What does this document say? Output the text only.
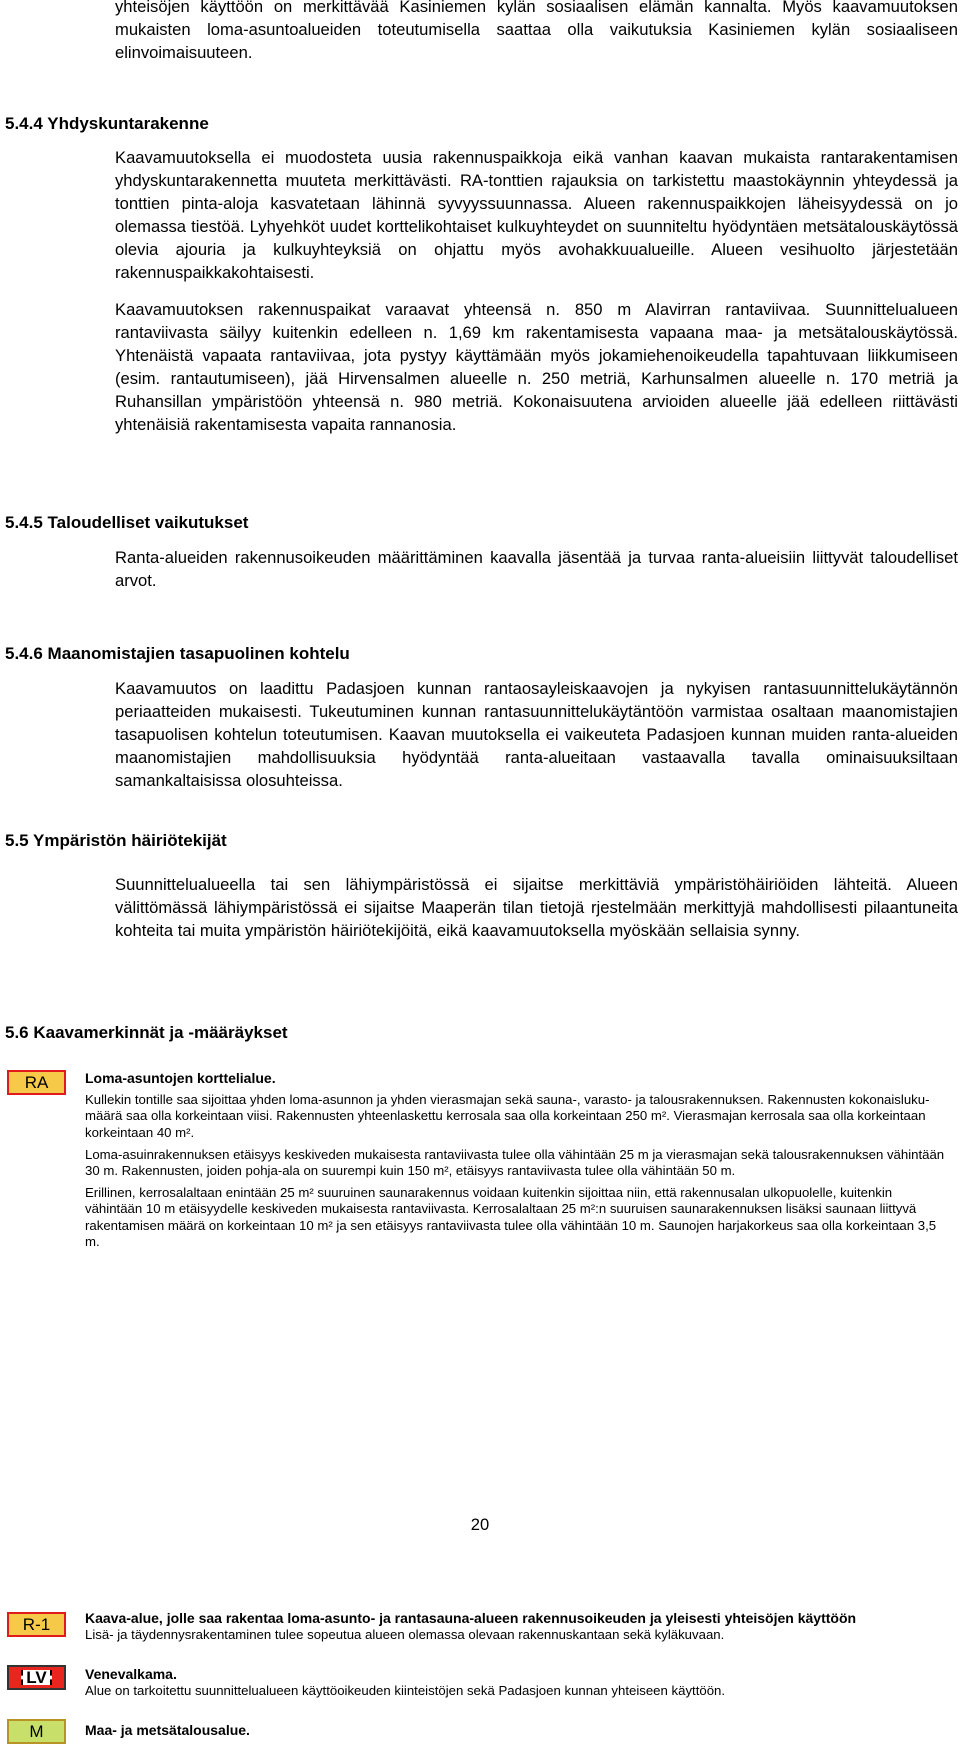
yhteisöjen käyttöön on merkittävää Kasiniemen kylän sosiaalisen elämän kannalta. Myös kaavamuutoksen mukaisten loma-asuntoalueiden toteutumisella saattaa olla vaikutuksia Kasiniemen kylän sosiaaliseen elinvoimaisuuteen.
5.4.4 Yhdyskuntarakenne

Kaavamuutoksella ei muodosteta uusia rakennuspaikkoja eikä vanhan kaavan mukaista rantarakentamisen yhdyskuntarakennetta muuteta merkittävästi. RA-tonttien rajauksia on tarkistettu maastokäynnin yhteydessä ja tonttien pinta-aloja kasvatetaan lähinnä syvyyssuunnassa. Alueen rakennuspaikkojen läheisyydessä on jo olemassa tiestöä. Lyhyehköt uudet korttelikohtaiset kulkuyhteydet on suunniteltu hyödyntäen metsätalouskäytössä olevia ajouria ja kulkuyhteyksiä on ohjattu myös avohakkuualueille. Alueen vesihuolto järjestetään rakennuspaikkakohtaisesti.

Kaavamuutoksen rakennuspaikat varaavat yhteensä n. 850 m Alavirran rantaviivaa. Suunnittelualueen rantaviivasta säilyy kuitenkin edelleen n. 1,69 km rakentamisesta vapaana maa- ja metsätalouskäytössä. Yhtenäistä vapaata rantaviivaa, jota pystyy käyttämään myös jokamiehenoikeudella tapahtuvaan liikkumiseen (esim. rantautumiseen), jää Hirvensalmen alueelle n. 250 metriä, Karhunsalmen alueelle n. 170 metriä ja Ruhansillan ympäristöön yhteensä n. 980 metriä. Kokonaisuutena arvioiden alueelle jää edelleen riittävästi yhtenäisiä rakentamisesta vapaita rannanosia.

5.4.5 Taloudelliset vaikutukset

Ranta-alueiden rakennusoikeuden määrittäminen kaavalla jäsentää ja turvaa ranta-alueisiin liittyvät taloudelliset arvot.

5.4.6 Maanomistajien tasapuolinen kohtelu

Kaavamuutos on laadittu Padasjoen kunnan rantaosayleiskaavojen ja nykyisen rantasuunnittelukäytännön periaatteiden mukaisesti. Tukeutuminen kunnan rantasuunnittelukäytäntöön varmistaa osaltaan maanomistajien tasapuolisen kohtelun toteutumisen. Kaavan muutoksella ei vaikeuteta Padasjoen kunnan muiden ranta-alueiden maanomistajien mahdollisuuksia hyödyntää ranta-alueitaan vastaavalla tavalla ominaisuuksiltaan samankaltaisissa olosuhteissa.

5.5 Ympäristön häiriötekijät

Suunnittelualueella tai sen lähiympäristössä ei sijaitse merkittäviä ympäristöhäiriöiden lähteitä. Alueen välittömässä lähiympäristössä ei sijaitse Maaperän tilan tietojä rjestelmään merkittyjä mahdollisesti pilaantuneita kohteita tai muita ympäristön häiriötekijöitä, eikä kaavamuutoksella myöskään sellaisia synny.

5.6 Kaavamerkinnät ja -määräykset
RA	Loma-asuntojen korttelialue.

Kullekin tontille saa sijoittaa yhden loma-asunnon ja yhden vierasmajan sekä sauna-, varasto- ja talousrakennuksen. Rakennusten kokonaislukumäärä saa olla korkeintaan viisi. Rakennusten yhteenlaskettu kerrosala saa olla korkeintaan 250 m². Vierasmajan kerrosala saa olla korkeintaan korkeintaan 40 m².

Loma-asuinrakennuksen etäisyys keskiveden mukaisesta rantaviivasta tulee olla vähintään 25 m ja vierasmajan sekä talousrakennuksen vähintään 30 m. Rakennusten, joiden pohja-ala on suurempi kuin 150 m², etäisyys rantaviivasta tulee olla vähintään 50 m.

Erillinen, kerrosalaltaan enintään 25 m² suuruinen saunarakennus voidaan kuitenkin sijoittaa niin, että rakennusalan ulkopuolelle, kuitenkin vähintään 10 m etäisyydelle keskiveden mukaisesta rantaviivasta. Kerrosalaltaan 25 m²:n suuruisen saunarakennuksen lisäksi saunaan liittyvä rakentamisen määrä on korkeintaan 10 m² ja sen etäisyys rantaviivasta tulee olla vähintään 10 m. Saunojen harjakorkeus saa olla korkeintaan 3,5 m.

R-1	Kaava-alue, jolle saa rakentaa loma-asunto- ja rantasauna-alueen rakennusoikeuden ja yleisesti yhteisöjen käyttöön

Lisä- ja täydennysrakentaminen tulee sopeutua alueen olemassa olevaan rakennuskantaan sekä kyläkuvaan.

LV	Venevalkama.

Alue on tarkoitettu suunnittelualueen käyttöoikeuden kiinteistöjen sekä Padasjoen kunnan yhteiseen käyttöön.

M	Maa- ja metsätalousalue.

20
